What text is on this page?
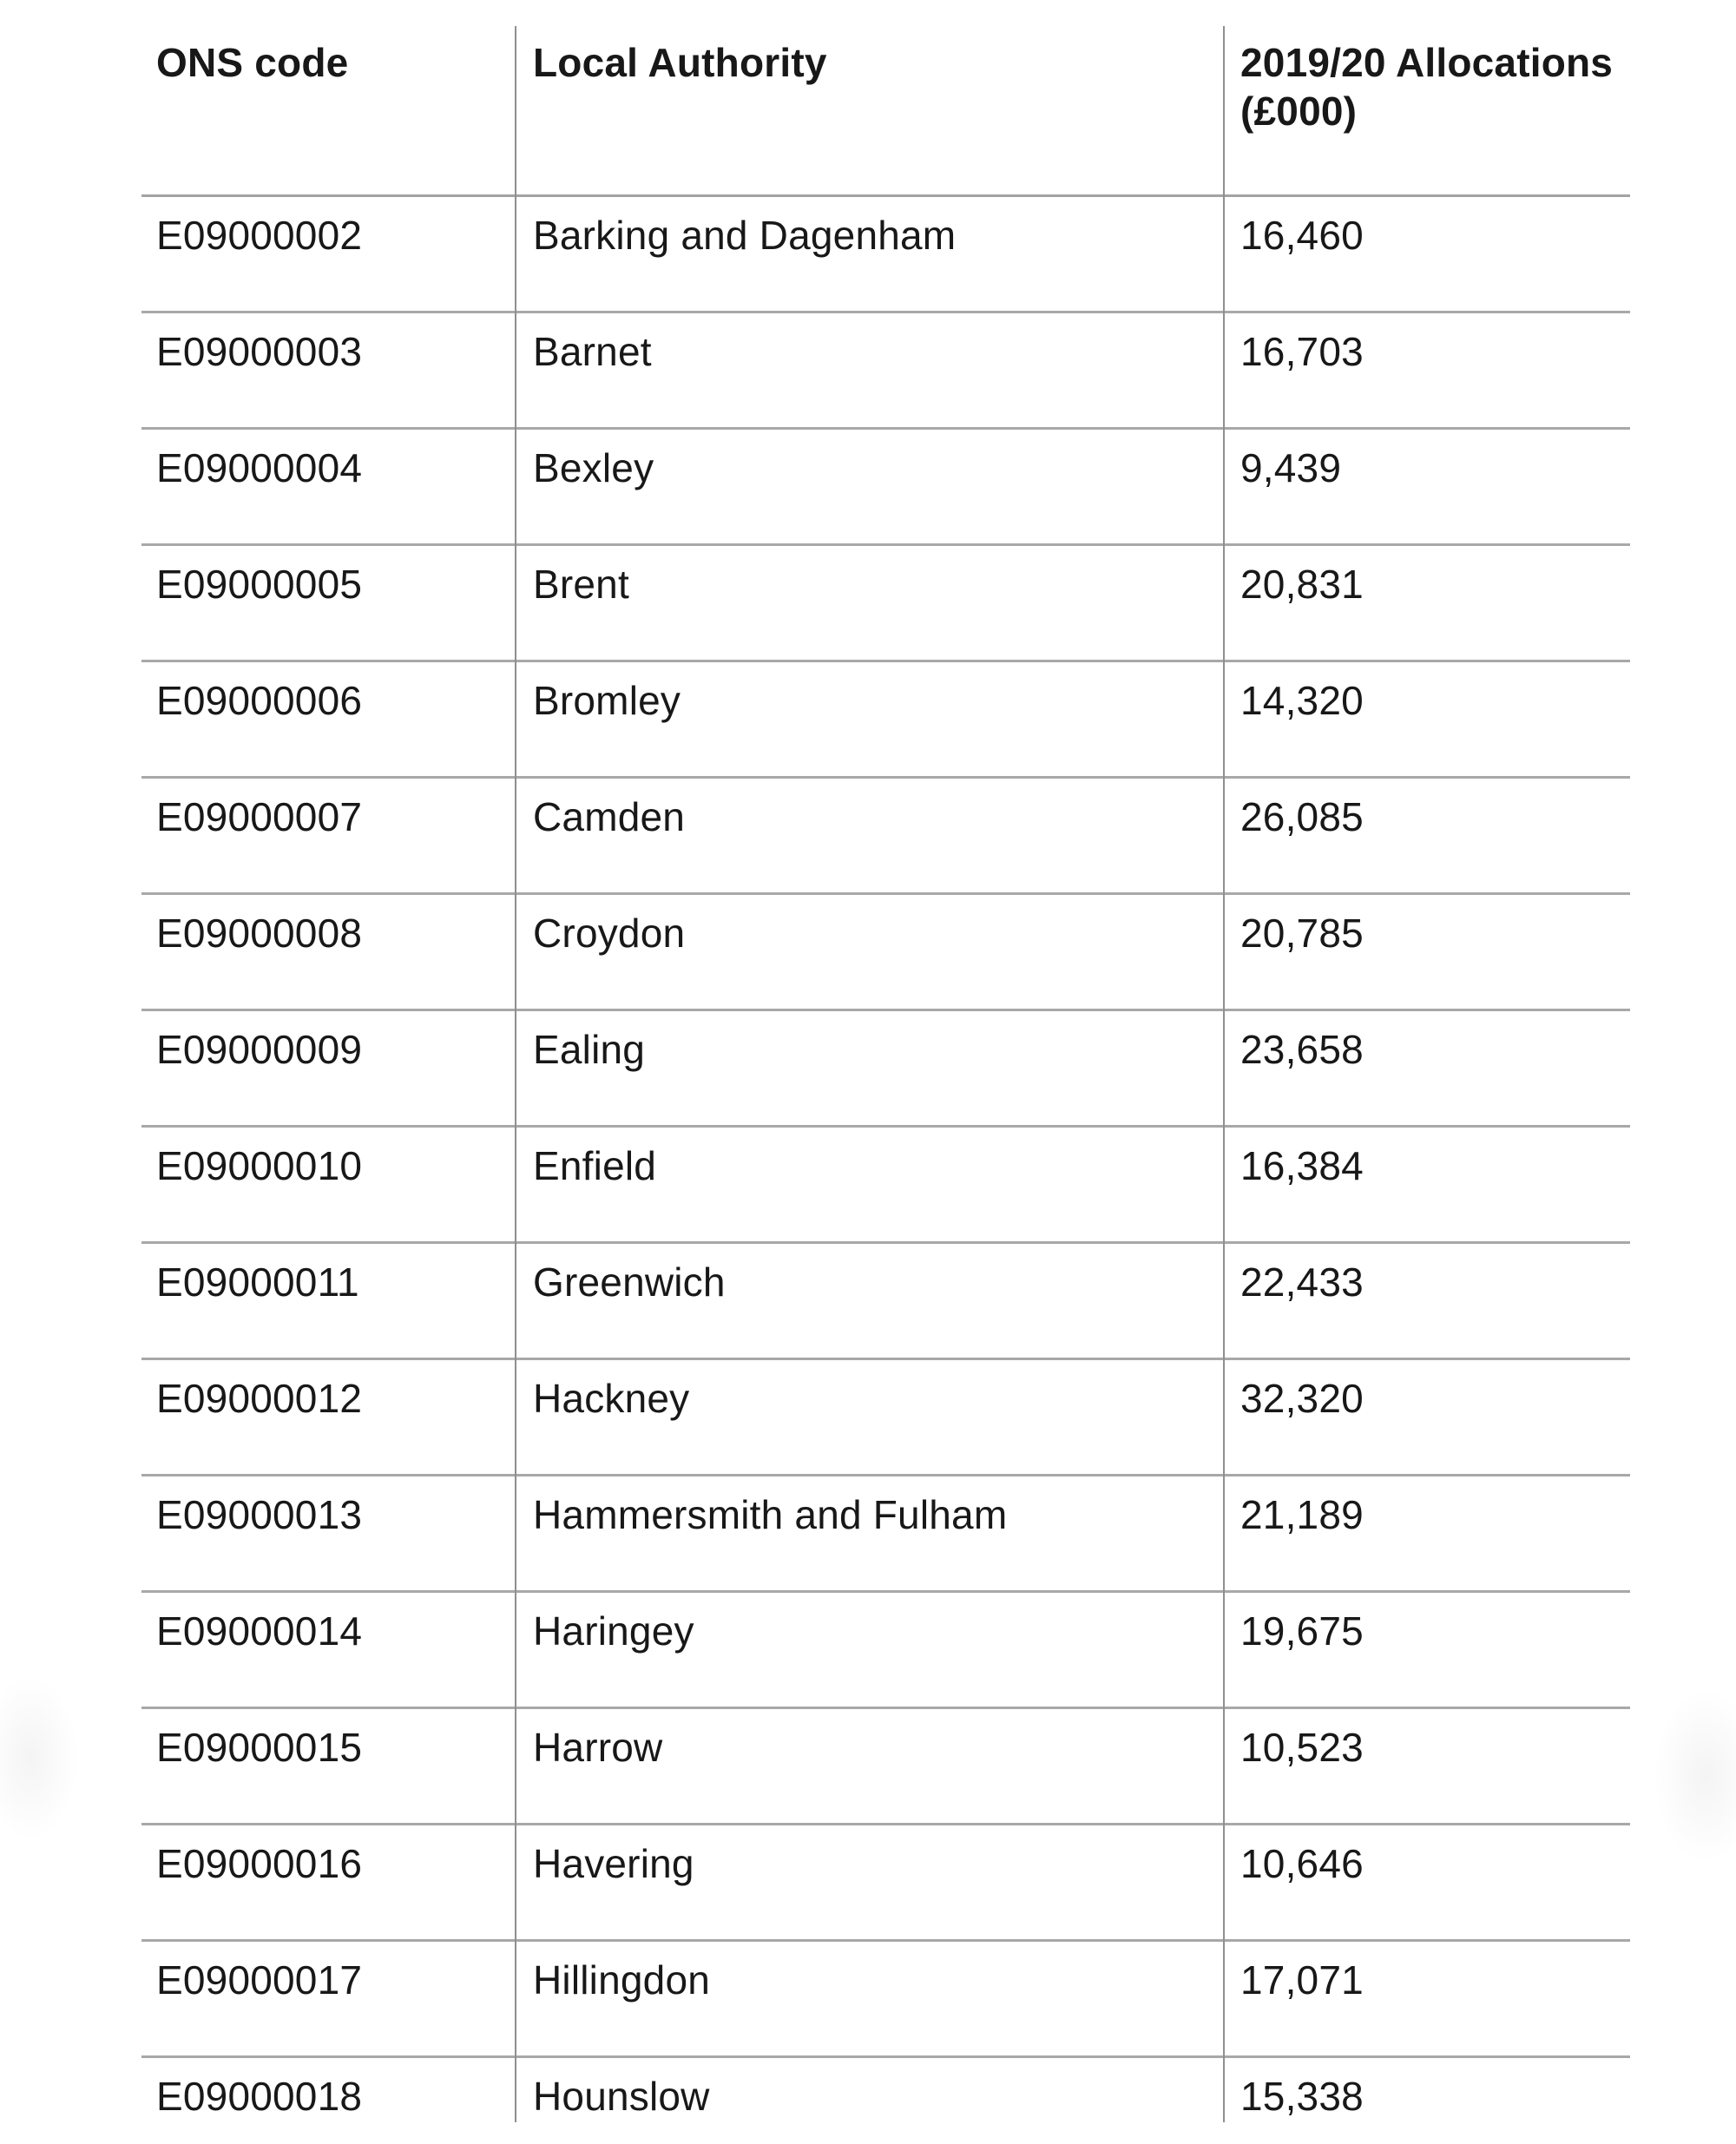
ONS code	Local Authority	2019/20 Allocations (£000)
E09000002	Barking and Dagenham	16,460
E09000003	Barnet	16,703
E09000004	Bexley	9,439
E09000005	Brent	20,831
E09000006	Bromley	14,320
E09000007	Camden	26,085
E09000008	Croydon	20,785
E09000009	Ealing	23,658
E09000010	Enfield	16,384
E09000011	Greenwich	22,433
E09000012	Hackney	32,320
E09000013	Hammersmith and Fulham	21,189
E09000014	Haringey	19,675
E09000015	Harrow	10,523
E09000016	Havering	10,646
E09000017	Hillingdon	17,071
E09000018	Hounslow	15,338
